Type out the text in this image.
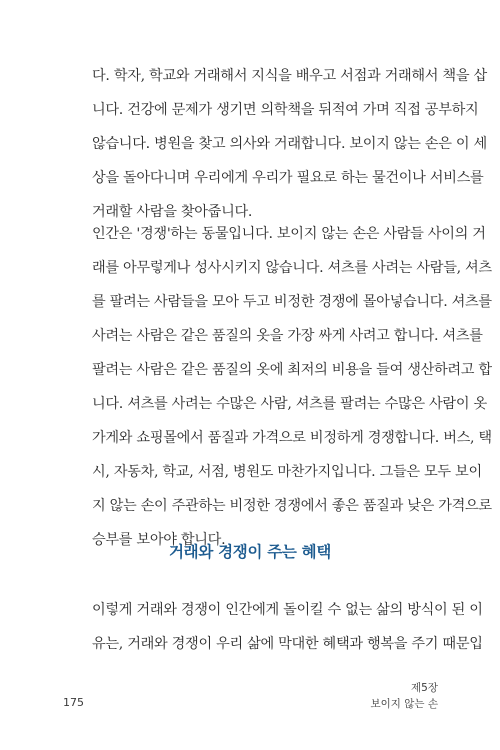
다. 학자, 학교와 거래해서 지식을 배우고 서점과 거래해서 책을 삽
니다. 건강에 문제가 생기면 의학책을 뒤적여 가며 직접 공부하지
않습니다. 병원을 찾고 의사와 거래합니다. 보이지 않는 손은 이 세
상을 돌아다니며 우리에게 우리가 필요로 하는 물건이나 서비스를
거래할 사람을 찾아줍니다.
인간은 '경쟁'하는 동물입니다. 보이지 않는 손은 사람들 사이의 거
래를 아무렇게나 성사시키지 않습니다. 셔츠를 사려는 사람들, 셔츠
를 팔려는 사람들을 모아 두고 비정한 경쟁에 몰아넣습니다. 셔츠를
사려는 사람은 같은 품질의 옷을 가장 싸게 사려고 합니다. 셔츠를
팔려는 사람은 같은 품질의 옷에 최저의 비용을 들여 생산하려고 합
니다. 셔츠를 사려는 수많은 사람, 셔츠를 팔려는 수많은 사람이 옷
가게와 쇼핑몰에서 품질과 가격으로 비정하게 경쟁합니다. 버스, 택
시, 자동차, 학교, 서점, 병원도 마찬가지입니다. 그들은 모두 보이
지 않는 손이 주관하는 비정한 경쟁에서 좋은 품질과 낮은 가격으로
승부를 보아야 합니다.
거래와 경쟁이 주는 혜택
이렇게 거래와 경쟁이 인간에게 돌이킬 수 없는 삶의 방식이 된 이
유는, 거래와 경쟁이 우리 삶에 막대한 혜택과 행복을 주기 때문입
175
제5장
보이지 않는 손
